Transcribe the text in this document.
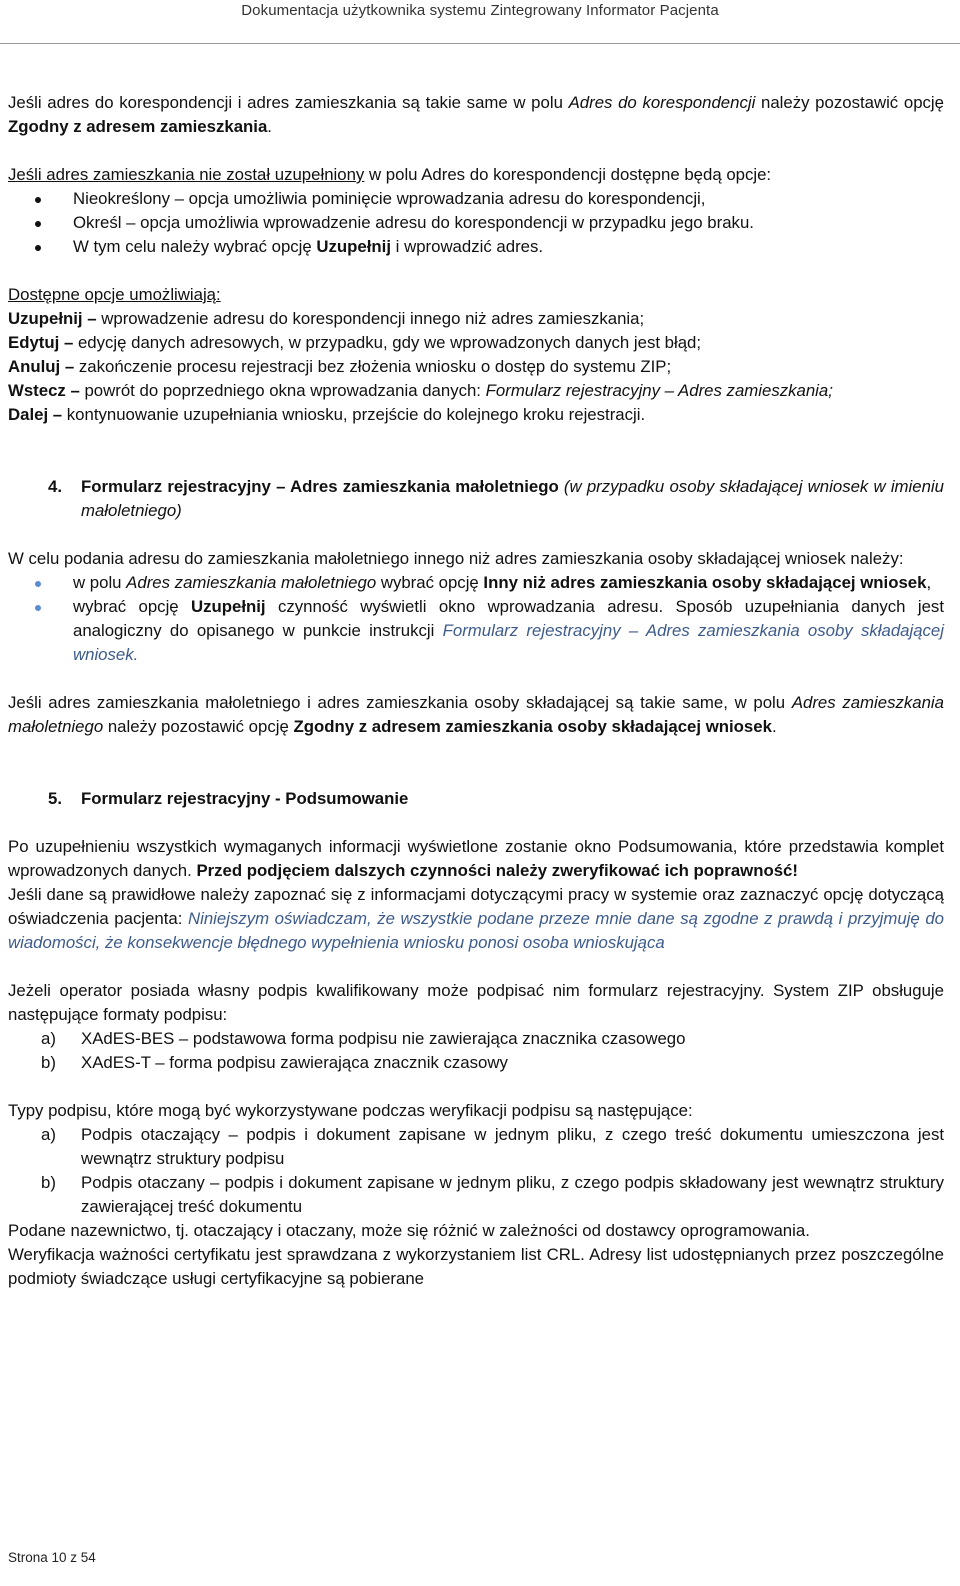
Dokumentacja użytkownika systemu Zintegrowany Informator Pacjenta

Jeśli adres do korespondencji i adres zamieszkania są takie same w polu Adres do korespondencji należy pozostawić opcję Zgodny z adresem zamieszkania.

Jeśli adres zamieszkania nie został uzupełniony w polu Adres do korespondencji dostępne będą opcje:

Nieokreślony – opcja umożliwia pominięcie wprowadzania adresu do korespondencji,
Określ – opcja umożliwia wprowadzenie adresu do korespondencji w przypadku jego braku.
W tym celu należy wybrać opcję Uzupełnij i wprowadzić adres.

Dostępne opcje umożliwiają:

Uzupełnij – wprowadzenie adresu do korespondencji innego niż adres zamieszkania;

Edytuj – edycję danych adresowych, w przypadku, gdy we wprowadzonych danych jest błąd;

Anuluj – zakończenie procesu rejestracji bez złożenia wniosku o dostęp do systemu ZIP;

Wstecz – powrót do poprzedniego okna wprowadzania danych: Formularz rejestracyjny – Adres zamieszkania;

Dalej – kontynuowanie uzupełniania wniosku, przejście do kolejnego kroku rejestracji.

4. Formularz rejestracyjny – Adres zamieszkania małoletniego (w przypadku osoby składającej wniosek w imieniu małoletniego)

W celu podania adresu do zamieszkania małoletniego innego niż adres zamieszkania osoby składającej wniosek należy:

w polu Adres zamieszkania małoletniego wybrać opcję Inny niż adres zamieszkania osoby składającej wniosek,
wybrać opcję Uzupełnij czynność wyświetli okno wprowadzania adresu. Sposób uzupełniania danych jest analogiczny do opisanego w punkcie instrukcji Formularz rejestracyjny – Adres zamieszkania osoby składającej wniosek.

Jeśli adres zamieszkania małoletniego i adres zamieszkania osoby składającej są takie same, w polu Adres zamieszkania małoletniego należy pozostawić opcję Zgodny z adresem zamieszkania osoby składającej wniosek.

5. Formularz rejestracyjny - Podsumowanie

Po uzupełnieniu wszystkich wymaganych informacji wyświetlone zostanie okno Podsumowania, które przedstawia komplet wprowadzonych danych. Przed podjęciem dalszych czynności należy zweryfikować ich poprawność!

Jeśli dane są prawidłowe należy zapoznać się z informacjami dotyczącymi pracy w systemie oraz zaznaczyć opcję dotyczącą oświadczenia pacjenta: Niniejszym oświadczam, że wszystkie podane przeze mnie dane są zgodne z prawdą i przyjmuję do wiadomości, że konsekwencje błędnego wypełnienia wniosku ponosi osoba wnioskująca

Jeżeli operator posiada własny podpis kwalifikowany może podpisać nim formularz rejestracyjny. System ZIP obsługuje następujące formaty podpisu:

a) XAdES-BES – podstawowa forma podpisu nie zawierająca znacznika czasowego
b) XAdES-T – forma podpisu zawierająca znacznik czasowy

Typy podpisu, które mogą być wykorzystywane podczas weryfikacji podpisu są następujące:

a) Podpis otaczający – podpis i dokument zapisane w jednym pliku, z czego treść dokumentu umieszczona jest wewnątrz struktury podpisu
b) Podpis otaczany – podpis i dokument zapisane w jednym pliku, z czego podpis składowany jest wewnątrz struktury zawierającej treść dokumentu

Podane nazewnictwo, tj. otaczający i otaczany, może się różnić w zależności od dostawcy oprogramowania.

Weryfikacja ważności certyfikatu jest sprawdzana z wykorzystaniem list CRL. Adresy list udostępnianych przez poszczególne podmioty świadczące usługi certyfikacyjne są pobierane

Strona 10 z 54
